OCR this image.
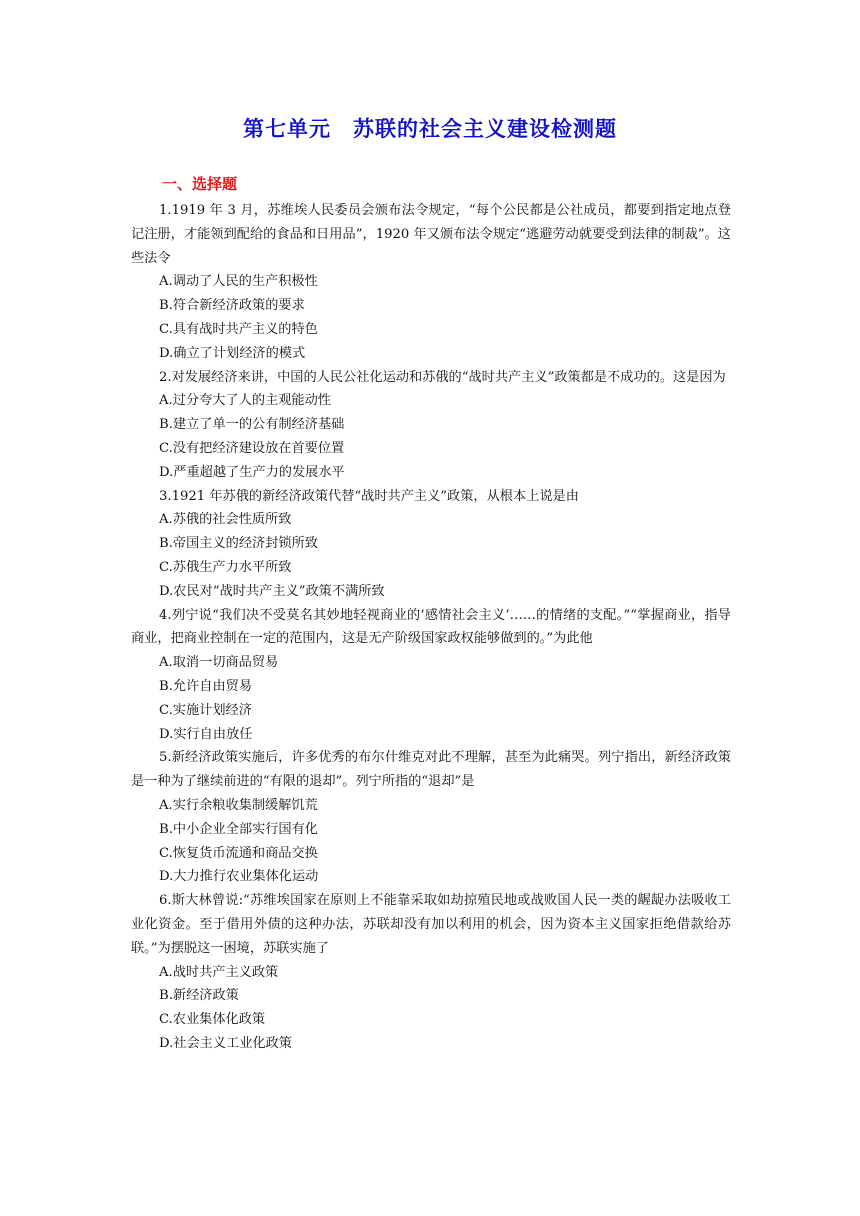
第七单元　苏联的社会主义建设检测题
一、选择题

1.1919 年 3 月，苏维埃人民委员会颁布法令规定，“每个公民都是公社成员，都要到指定地点登记注册，才能领到配给的食品和日用品”，1920 年又颁布法令规定“逃避劳动就要受到法律的制裁”。这些法令

A.调动了人民的生产积极性

B.符合新经济政策的要求

C.具有战时共产主义的特色

D.确立了计划经济的模式

2.对发展经济来讲，中国的人民公社化运动和苏俄的“战时共产主义”政策都是不成功的。这是因为

A.过分夸大了人的主观能动性

B.建立了单一的公有制经济基础

C.没有把经济建设放在首要位置

D.严重超越了生产力的发展水平

3.1921 年苏俄的新经济政策代替“战时共产主义”政策，从根本上说是由

A.苏俄的社会性质所致

B.帝国主义的经济封锁所致

C.苏俄生产力水平所致

D.农民对“战时共产主义”政策不满所致

4.列宁说“我们决不受莫名其妙地轻视商业的‘感情社会主义’……的情绪的支配。”“掌握商业，指导商业，把商业控制在一定的范围内，这是无产阶级国家政权能够做到的。”为此他

A.取消一切商品贸易

B.允许自由贸易

C.实施计划经济

D.实行自由放任

5.新经济政策实施后，许多优秀的布尔什维克对此不理解，甚至为此痛哭。列宁指出，新经济政策是一种为了继续前进的“有限的退却”。列宁所指的“退却”是

A.实行余粮收集制缓解饥荒

B.中小企业全部实行国有化

C.恢复货币流通和商品交换

D.大力推行农业集体化运动

6.斯大林曾说:“苏维埃国家在原则上不能靠采取如劫掠殖民地或战败国人民一类的龌龊办法吸收工业化资金。至于借用外债的这种办法，苏联却没有加以利用的机会，因为资本主义国家拒绝借款给苏联。”为摆脱这一困境，苏联实施了

A.战时共产主义政策

B.新经济政策

C.农业集体化政策

D.社会主义工业化政策
